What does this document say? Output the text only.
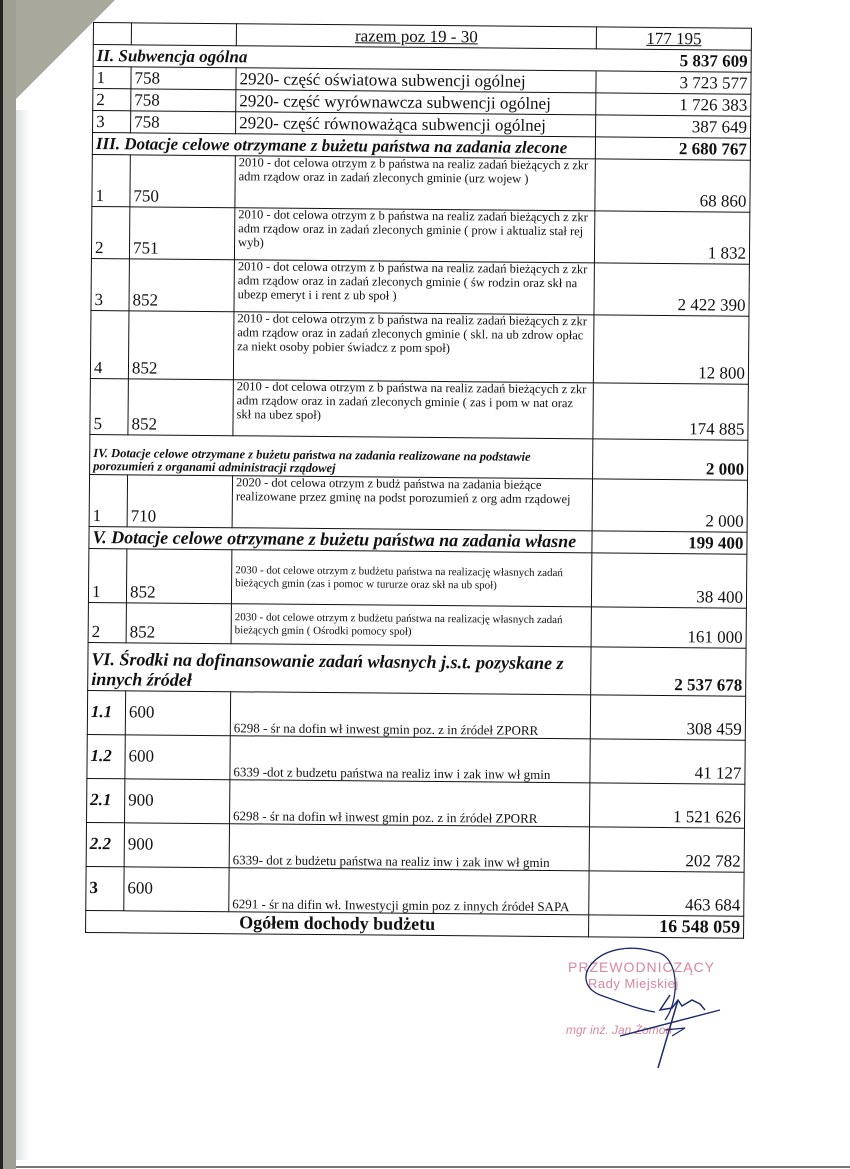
		razem poz 19 - 30	177 195
II. Subwencja ogólna			5 837 609
1	758	2920- część oświatowa subwencji ogólnej	3 723 577
2	758	2920- część wyrównawcza subwencji ogólnej	1 726 383
3	758	2920- część równoważąca subwencji ogólnej	387 649
III. Dotacje celowe otrzymane z bużetu państwa na zadania zlecone			2 680 767
1	750	2010 - dot celowa otrzym z b państwa na realiz zadań bieżących z zkr adm rządow oraz in zadań zleconych gminie (urz wojew )	68 860
2	751	2010 - dot celowa otrzym z b państwa na realiz zadań bieżących z zkr adm rządow oraz in zadań zleconych gminie ( prow i aktualiz stał rej wyb)	1 832
3	852	2010 - dot celowa otrzym z b państwa na realiz zadań bieżących z zkr adm rządow oraz in zadań zleconych gminie ( św rodzin oraz skł na ubezp emeryt i i rent z ub społ )	2 422 390
4	852	2010 - dot celowa otrzym z b państwa na realiz zadań bieżących z zkr adm rządow oraz in zadań zleconych gminie ( skl. na ub zdrow opłac za niekt osoby pobier świadcz z pom społ)	12 800
5	852	2010 - dot celowa otrzym z b państwa na realiz zadań bieżących z zkr adm rządow oraz in zadań zleconych gminie ( zas i pom w nat oraz skł na ubez społ)	174 885
IV. Dotacje celowe otrzymane z bużetu państwa na zadania realizowane na podstawie porozumień z organami administracji rządowej			2 000
1	710	2020 - dot celowa otrzym z budż państwa na zadania bieżące realizowane przez gminę na podst porozumień z org adm rządowej	2 000
V. Dotacje celowe otrzymane z bużetu państwa na zadania własne			199 400
1	852	2030 - dot celowe otrzym z budżetu państwa na realizację własnych zadań bieżących gmin (zas i pomoc w tururze oraz skł na ub społ)	38 400
2	852	2030 - dot celowe otrzym z budżetu państwa na realizację własnych zadań bieżących gmin ( Ośrodki pomocy społ)	161 000
VI. Środki na dofinansowanie zadań własnych j.s.t. pozyskane z innych źródeł			2 537 678
1.1	600	6298 - śr na dofin wł inwest gmin poz. z in źródeł ZPORR	308 459
1.2	600	6339 -dot z budzetu państwa na realiz inw i zak inw wł gmin	41 127
2.1	900	6298 - śr na dofin wł inwest gmin poz. z in źródeł ZPORR	1 521 626
2.2	900	6339- dot z budżetu państwa na realiz inw i zak inw wł gmin	202 782
3	600	6291 - śr na difin wł. Inwestycji gmin poz z innych źródeł SAPA	463 684
Ogółem dochody budżetu			16 548 059
PRZEWODNICZĄCY
Rady Miejskiej
mgr inż. Jan Żomoń
